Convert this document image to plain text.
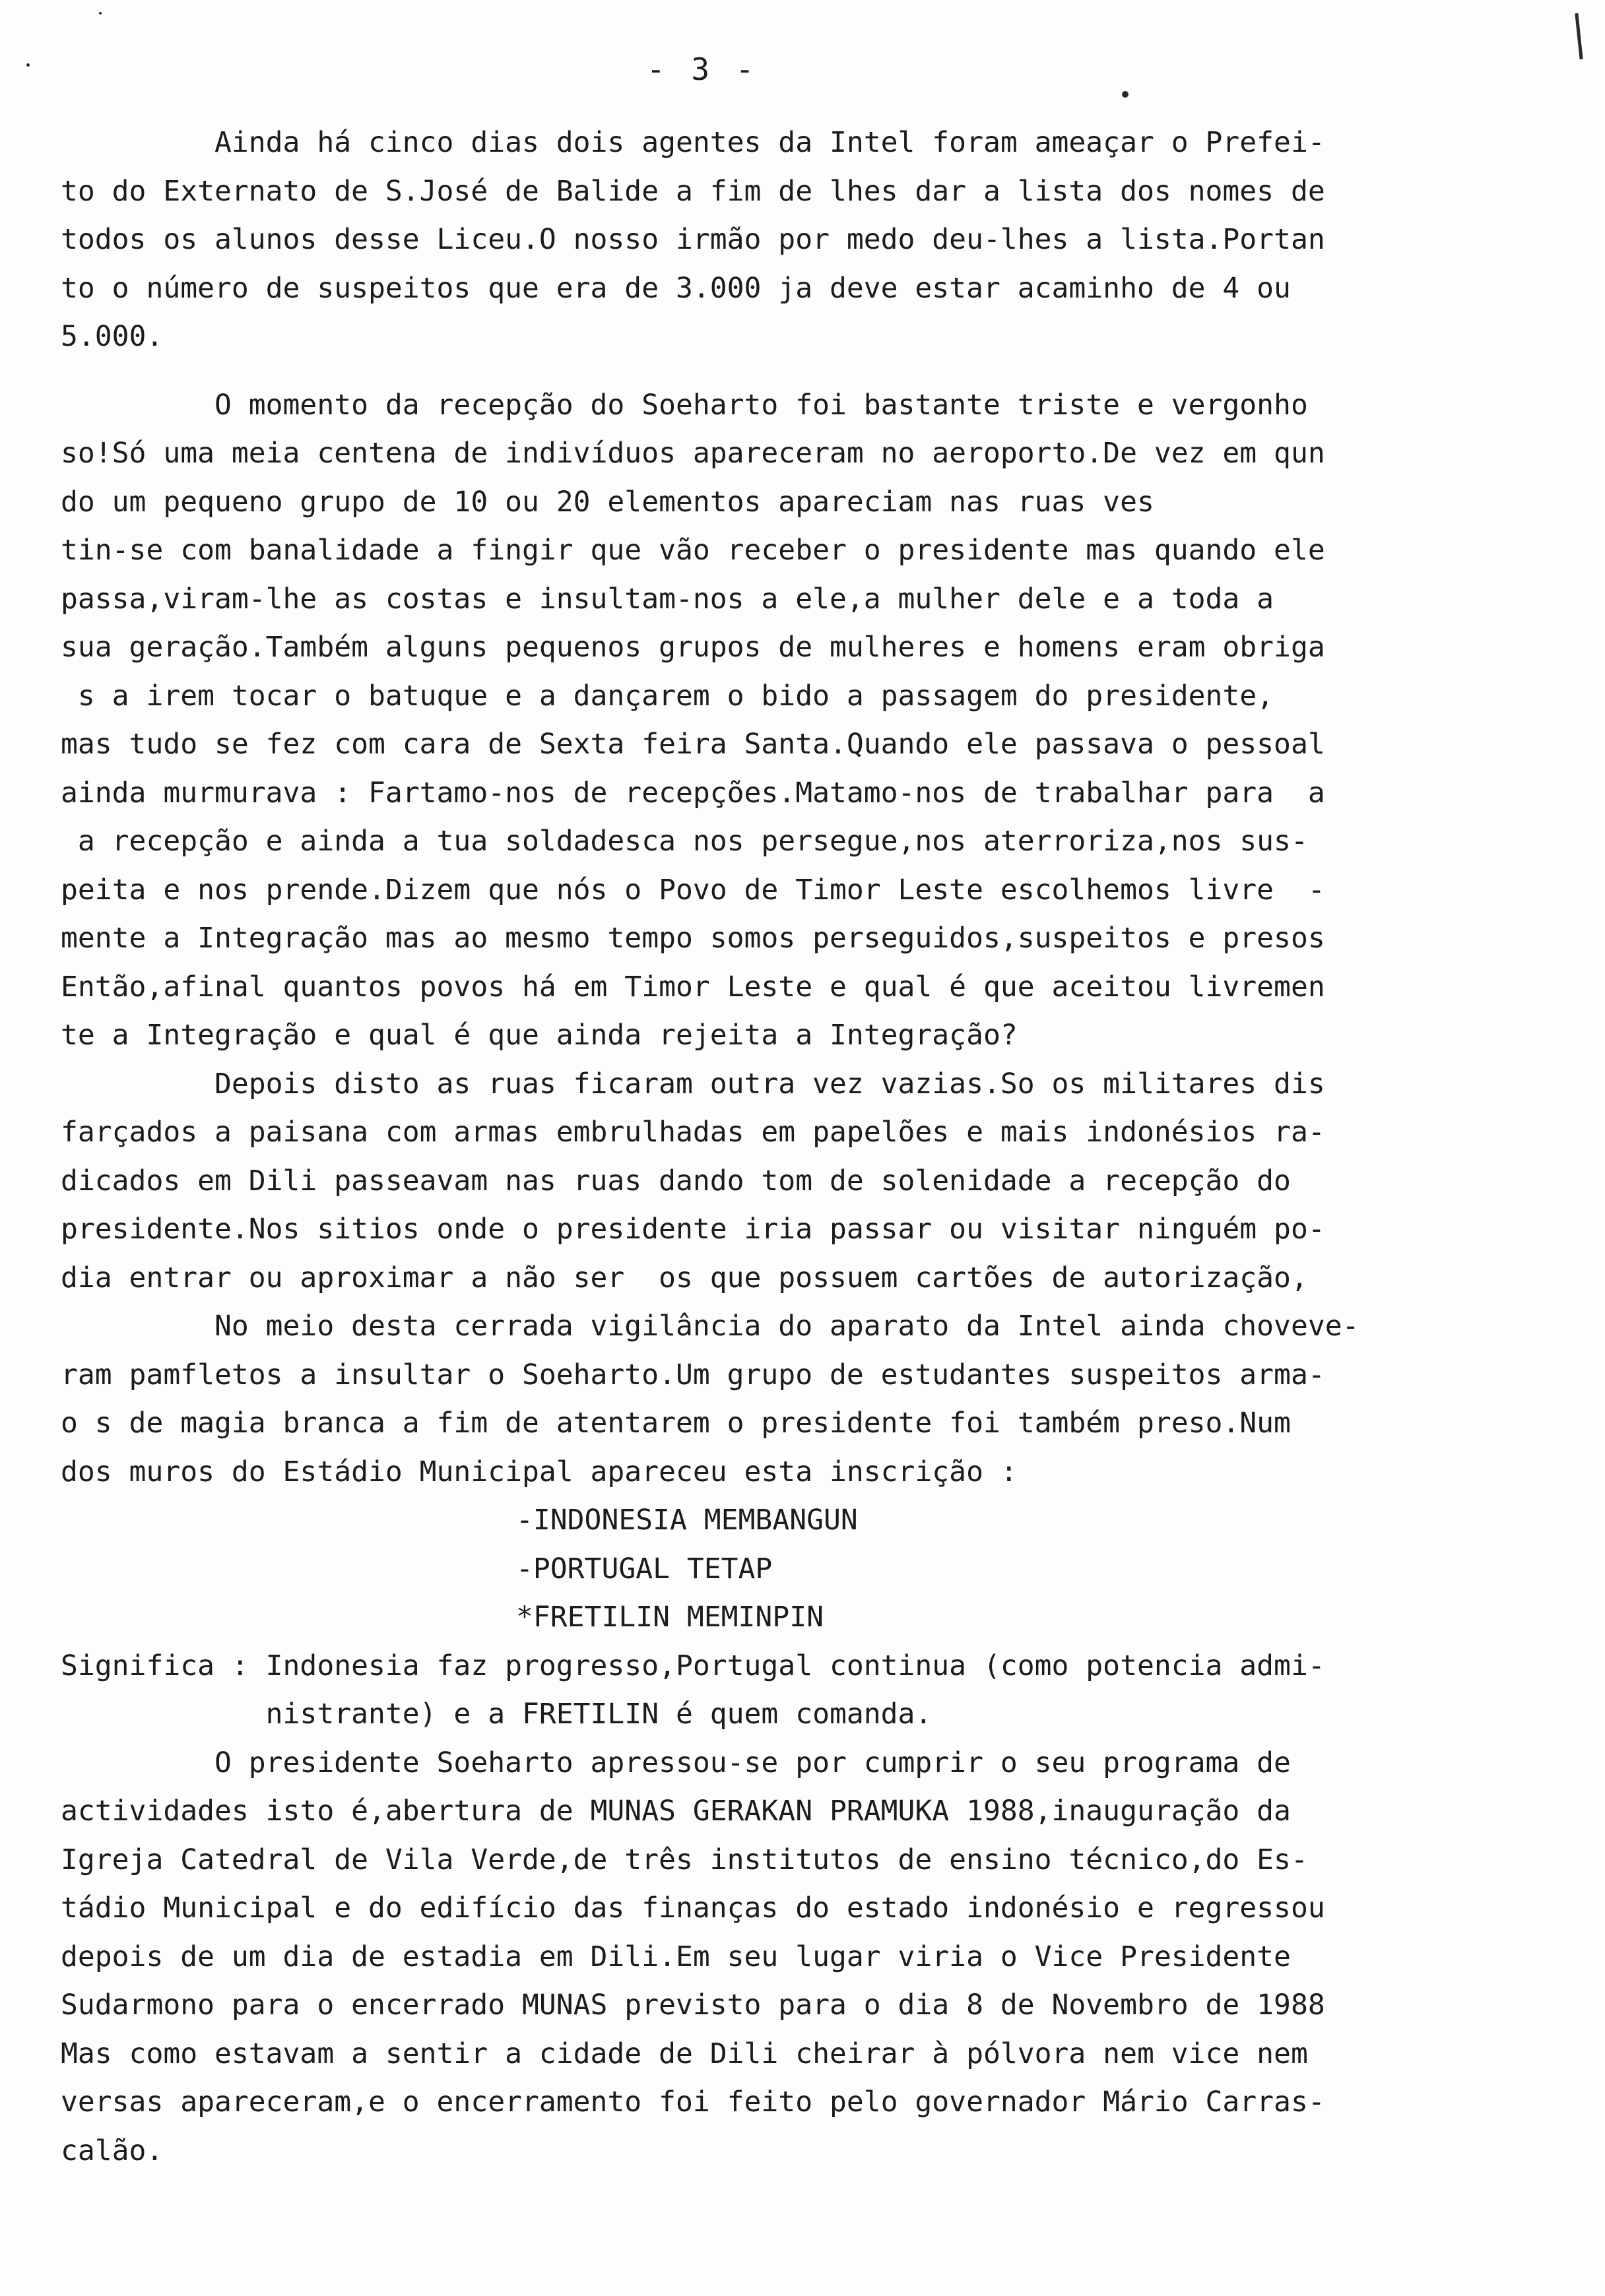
- 3 -
Ainda há cinco dias dois agentes da Intel foram ameaçar o Prefei-
to do Externato de S.José de Balide a fim de lhes dar a lista dos nomes de
todos os alunos desse Liceu.O nosso irmão por medo deu-lhes a lista.Portan
to o número de suspeitos que era de 3.000 ja deve estar acaminho de 4 ou
5.000.
O momento da recepção do Soeharto foi bastante triste e vergonho
so!Só uma meia centena de indivíduos apareceram no aeroporto.De vez em qun
do um pequeno grupo de 10 ou 20 elementos apareciam nas ruas ves
tin-se com banalidade a fingir que vão receber o presidente mas quando ele
passa,viram-lhe as costas e insultam-nos a ele,a mulher dele e a toda a
sua geração.Também alguns pequenos grupos de mulheres e homens eram obriga
s a irem tocar o batuque e a dançarem o bido a passagem do presidente,
mas tudo se fez com cara de Sexta feira Santa.Quando ele passava o pessoal
ainda murmurava : Fartamo-nos de recepções.Matamo-nos de trabalhar para  a
a recepção e ainda a tua soldadesca nos persegue,nos aterroriza,nos sus-
peita e nos prende.Dizem que nós o Povo de Timor Leste escolhemos livre  -
mente a Integração mas ao mesmo tempo somos perseguidos,suspeitos e presos
Então,afinal quantos povos há em Timor Leste e qual é que aceitou livremen
te a Integração e qual é que ainda rejeita a Integração?
Depois disto as ruas ficaram outra vez vazias.So os militares dis
farçados a paisana com armas embrulhadas em papelões e mais indonésios ra-
dicados em Dili passeavam nas ruas dando tom de solenidade a recepção do
presidente.Nos sitios onde o presidente iria passar ou visitar ninguém po-
dia entrar ou aproximar a não ser  os que possuem cartões de autorização,
No meio desta cerrada vigilância do aparato da Intel ainda choveve-
ram pamfletos a insultar o Soeharto.Um grupo de estudantes suspeitos arma-
o s de magia branca a fim de atentarem o presidente foi também preso.Num
dos muros do Estádio Municipal apareceu esta inscrição :
-INDONESIA MEMBANGUN
-PORTUGAL TETAP
*FRETILIN MEMINPIN
Significa : Indonesia faz progresso,Portugal continua (como potencia admi-
nistrante) e a FRETILIN é quem comanda.
O presidente Soeharto apressou-se por cumprir o seu programa de
actividades isto é,abertura de MUNAS GERAKAN PRAMUKA 1988,inauguração da
Igreja Catedral de Vila Verde,de três institutos de ensino técnico,do Es-
tádio Municipal e do edifício das finanças do estado indonésio e regressou
depois de um dia de estadia em Dili.Em seu lugar viria o Vice Presidente
Sudarmono para o encerrado MUNAS previsto para o dia 8 de Novembro de 1988
Mas como estavam a sentir a cidade de Dili cheirar à pólvora nem vice nem
versas apareceram,e o encerramento foi feito pelo governador Mário Carras-
calão.
